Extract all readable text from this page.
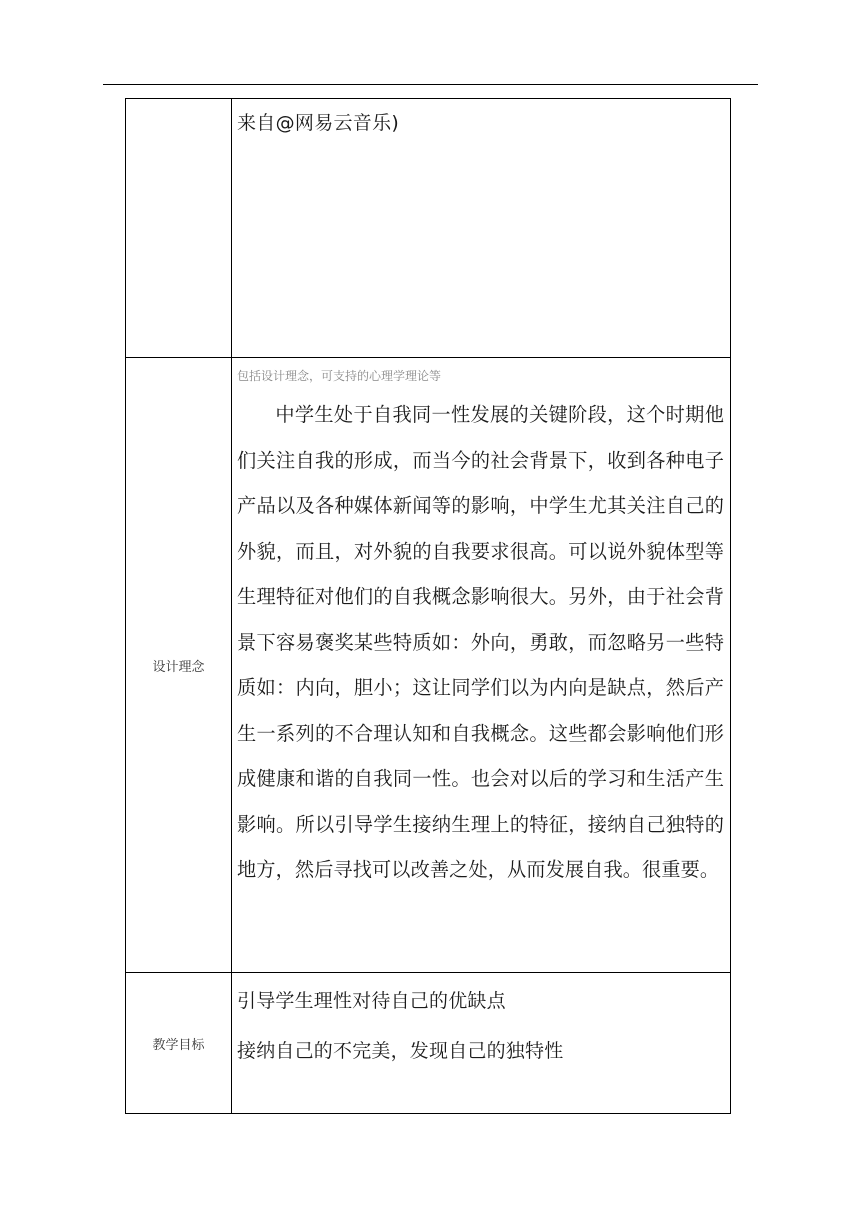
	来自@网易云音乐)

设计理念	包括设计理念，可支持的心理学理论等
中学生处于自我同一性发展的关键阶段，这个时期他们关注自我的形成，而当今的社会背景下，收到各种电子产品以及各种媒体新闻等的影响，中学生尤其关注自己的外貌，而且，对外貌的自我要求很高。可以说外貌体型等生理特征对他们的自我概念影响很大。另外，由于社会背景下容易褒奖某些特质如：外向，勇敢，而忽略另一些特质如：内向，胆小；这让同学们以为内向是缺点，然后产生一系列的不合理认知和自我概念。这些都会影响他们形成健康和谐的自我同一性。也会对以后的学习和生活产生影响。所以引导学生接纳生理上的特征，接纳自己独特的地方，然后寻找可以改善之处，从而发展自我。很重要。

教学目标	引导学生理性对待自己的优缺点
接纳自己的不完美，发现自己的独特性
